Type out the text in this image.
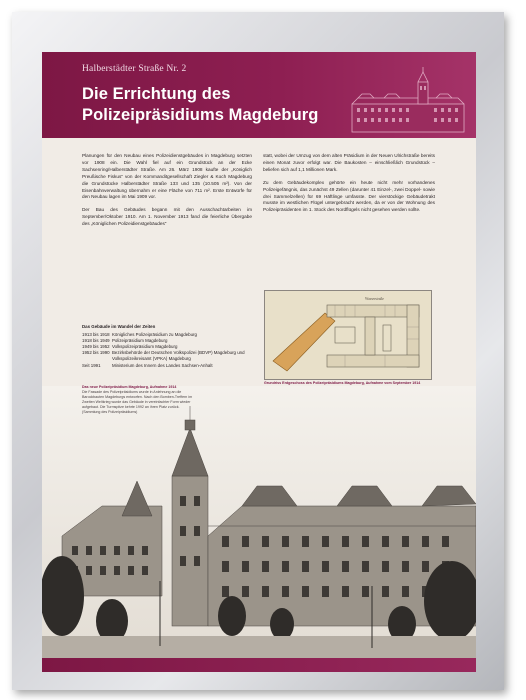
Halberstädter Straße Nr. 2
Die Errichtung des
Polizeipräsidiums Magdeburg

Planungen für den Neubau eines Polizeidienstgebäudes in Magdeburg setzten vor 1908 ein. Die Wahl fiel auf ein Grundstück an der Ecke Sachsenring/Halberstädter Straße. Am 26. März 1908 kaufte der „Königlich Preußische Fiskus“ von der Kommanditgesellschaft Ziegler & Koch Magdeburg die Grundstücke Halberstädter Straße 133 und 135 (10.505 m²). Von der Eisenbahnverwaltung übernahm er eine Fläche von 711 m². Erste Entwürfe für den Neubau lagen im Mai 1909 vor.

Der Bau des Gebäudes begann mit den Ausschachtarbeiten im September/Oktober 1910. Am 1. November 1913 fand die feierliche Übergabe des „Königlichen Polizeidienstgebäudes“

statt, wobei der Umzug von dem alten Präsidium in der Neuen Ulrichstraße bereits einen Monat zuvor erfolgt war. Die Baukosten – einschließlich Grundstück – beliefen sich auf 1,1 Millionen Mark.

Zu dem Gebäudekomplex gehörte ein heute nicht mehr vorhandenes Polizeigefängnis, das zunächst 49 Zellen (darunter 41 Einzel-, zwei Doppel- sowie drei Sammelzellen) für 69 Häftlinge umfasste. Der vierstöckige Gebäudetrakt musste im westlichen Flügel untergebracht werden, da er von der Wohnung des Polizeipräsidenten im 1. Stock des Nordflügels nicht gesehen werden sollte.

Das Gebäude im Wandel der Zeiten
1913 bis 1918 Königliches Polizeipräsidium zu Magdeburg
1918 bis 1949 Polizeipräsidium Magdeburg
1949 bis 1952 Volkspolizeipräsidium Magdeburg
1952 bis 1990 Bezirksbehörde der Deutschen Volkspolizei (BDVP) Magdeburg und Volkspolizeikreisamt (VPKA) Magdeburg
Seit 1991	Ministerium des Innern des Landes Sachsen-Anhalt
Wasserstraße
Grundriss Erdgeschoss des Polizeipräsidiums Magdeburg, Aufnahme vom September 1914

Das neue Polizeipräsidium Magdeburg, Aufnahme 1914
Die Fassade des Polizeipräsidiums wurde in Anlehnung an die Barockbauten Magdeburgs entworfen. Nach den Bomben-Treffern im Zweiten Weltkrieg wurde das Gebäude in vereinfachter Form wieder aufgebaut. Die Turmspitze kehrte 1992 an ihren Platz zurück.
(Sammlung des Polizeipräsidiums)
